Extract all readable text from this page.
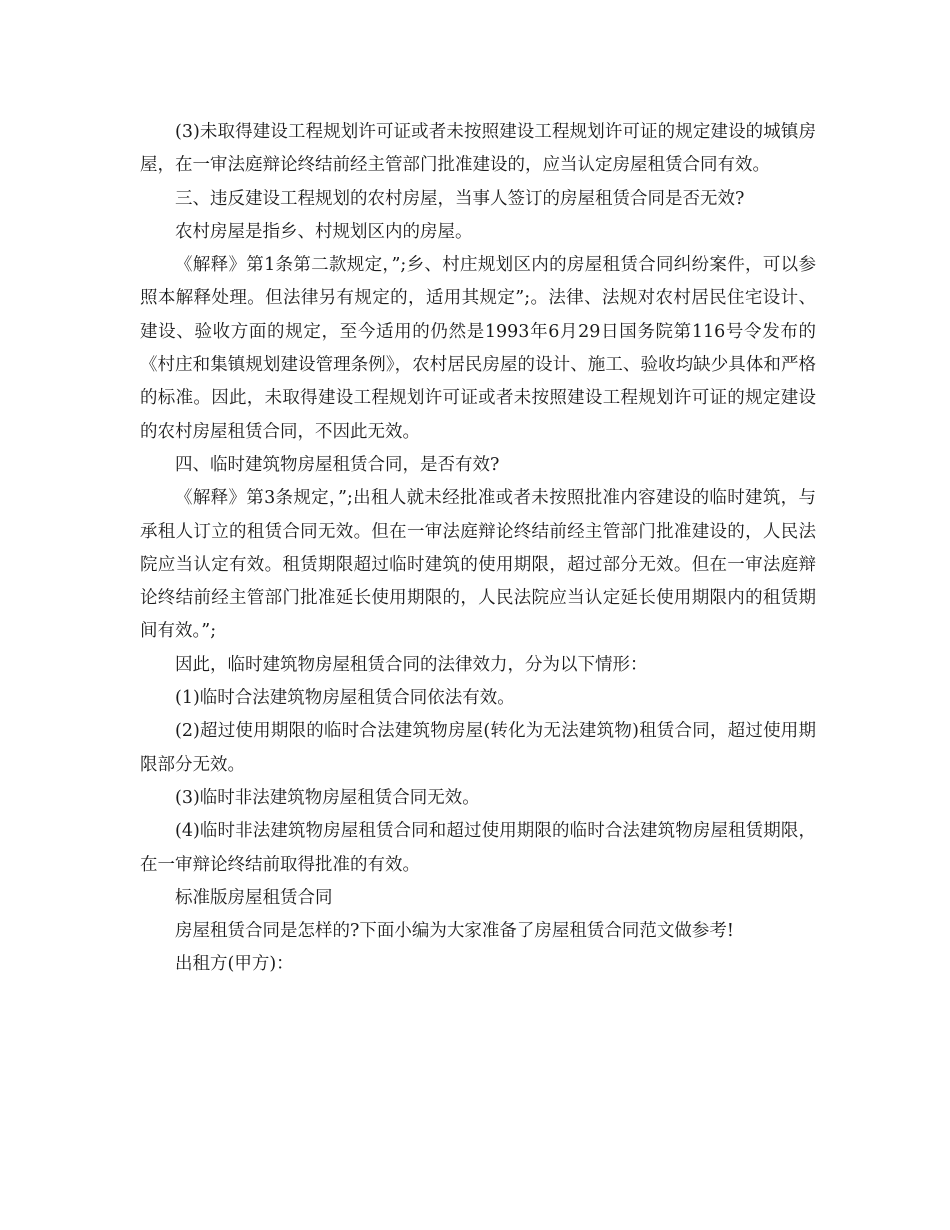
(3)未取得建设工程规划许可证或者未按照建设工程规划许可证的规定建设的城镇房屋，在一审法庭辩论终结前经主管部门批准建设的，应当认定房屋租赁合同有效。

三、违反建设工程规划的农村房屋，当事人签订的房屋租赁合同是否无效?

农村房屋是指乡、村规划区内的房屋。

《解释》第1条第二款规定，”;乡、村庄规划区内的房屋租赁合同纠纷案件，可以参照本解释处理。但法律另有规定的，适用其规定”;。法律、法规对农村居民住宅设计、建设、验收方面的规定，至今适用的仍然是1993年6月29日国务院第116号令发布的《村庄和集镇规划建设管理条例》，农村居民房屋的设计、施工、验收均缺少具体和严格的标准。因此，未取得建设工程规划许可证或者未按照建设工程规划许可证的规定建设的农村房屋租赁合同，不因此无效。

四、临时建筑物房屋租赁合同，是否有效?

《解释》第3条规定，”;出租人就未经批准或者未按照批准内容建设的临时建筑，与承租人订立的租赁合同无效。但在一审法庭辩论终结前经主管部门批准建设的，人民法院应当认定有效。租赁期限超过临时建筑的使用期限，超过部分无效。但在一审法庭辩论终结前经主管部门批准延长使用期限的，人民法院应当认定延长使用期限内的租赁期间有效。”;

因此，临时建筑物房屋租赁合同的法律效力，分为以下情形：

(1)临时合法建筑物房屋租赁合同依法有效。

(2)超过使用期限的临时合法建筑物房屋(转化为无法建筑物)租赁合同，超过使用期限部分无效。

(3)临时非法建筑物房屋租赁合同无效。

(4)临时非法建筑物房屋租赁合同和超过使用期限的临时合法建筑物房屋租赁期限，在一审辩论终结前取得批准的有效。

标准版房屋租赁合同

房屋租赁合同是怎样的?下面小编为大家准备了房屋租赁合同范文做参考!

出租方(甲方)：
